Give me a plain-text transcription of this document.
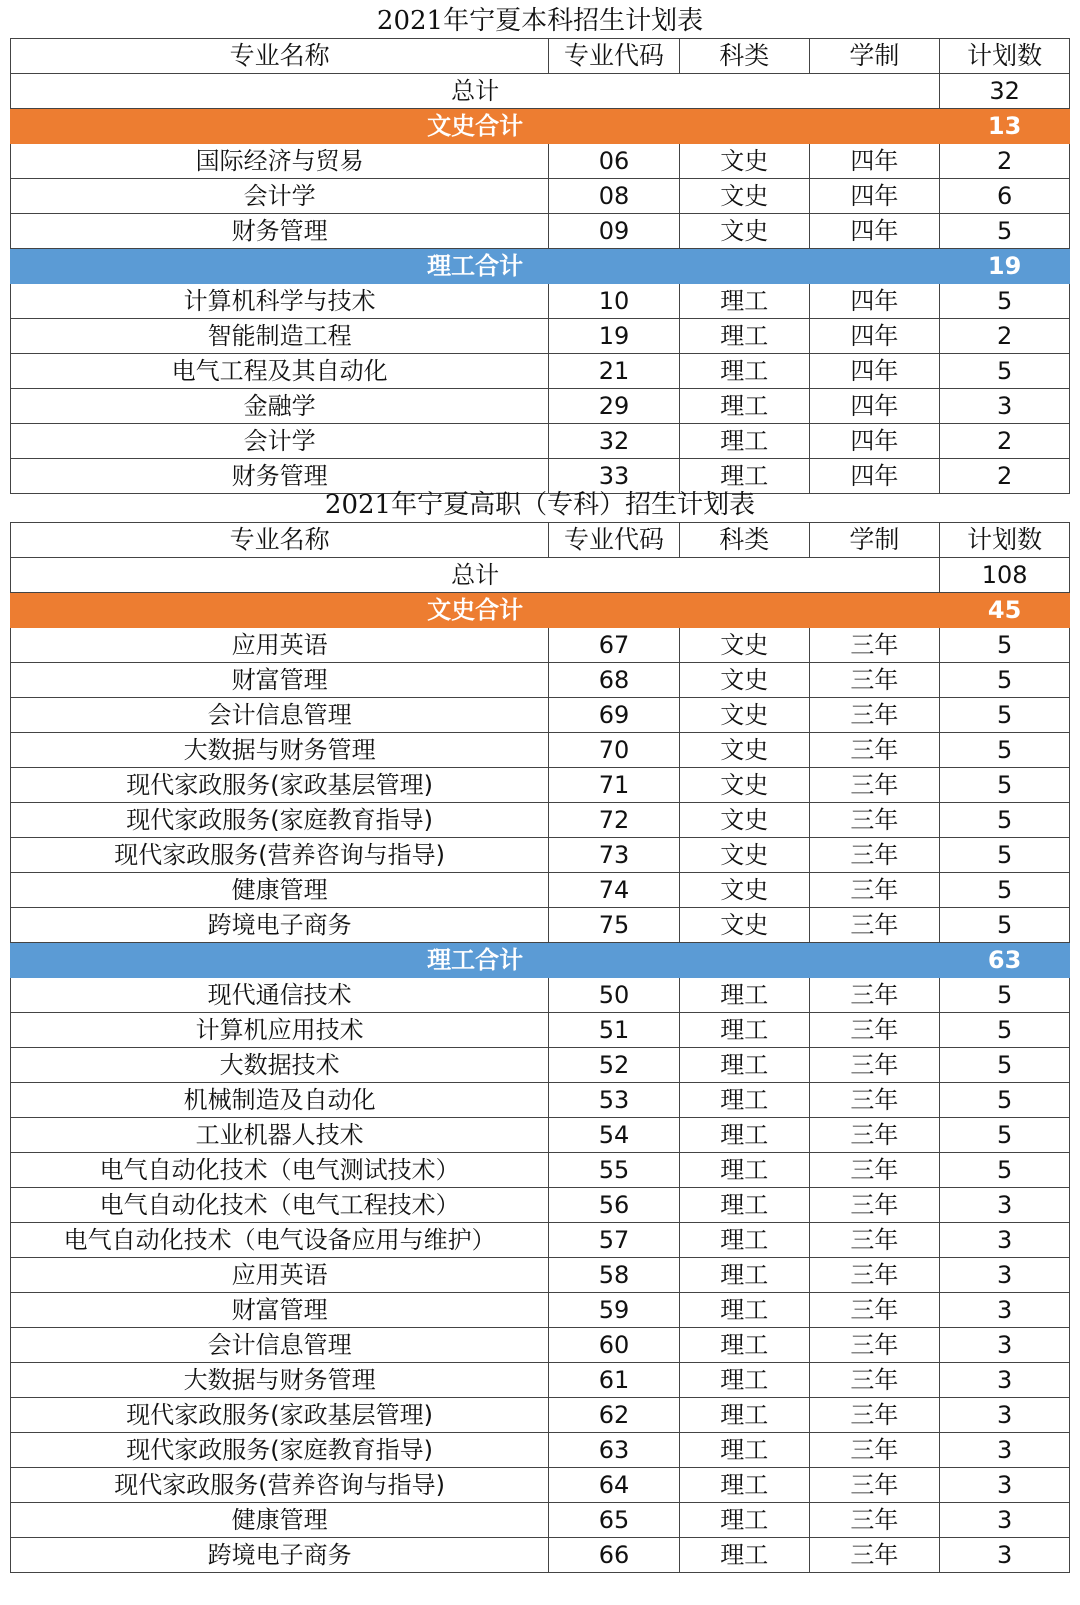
2021年宁夏本科招生计划表
专业名称	专业代码	科类	学制	计划数
总计				32
文史合计				13
国际经济与贸易	06	文史	四年	2
会计学	08	文史	四年	6
财务管理	09	文史	四年	5
理工合计				19
计算机科学与技术	10	理工	四年	5
智能制造工程	19	理工	四年	2
电气工程及其自动化	21	理工	四年	5
金融学	29	理工	四年	3
会计学	32	理工	四年	2
财务管理	33	理工	四年	2
2021年宁夏高职（专科）招生计划表
专业名称	专业代码	科类	学制	计划数
总计				108
文史合计				45
应用英语	67	文史	三年	5
财富管理	68	文史	三年	5
会计信息管理	69	文史	三年	5
大数据与财务管理	70	文史	三年	5
现代家政服务(家政基层管理)	71	文史	三年	5
现代家政服务(家庭教育指导)	72	文史	三年	5
现代家政服务(营养咨询与指导)	73	文史	三年	5
健康管理	74	文史	三年	5
跨境电子商务	75	文史	三年	5
理工合计				63
现代通信技术	50	理工	三年	5
计算机应用技术	51	理工	三年	5
大数据技术	52	理工	三年	5
机械制造及自动化	53	理工	三年	5
工业机器人技术	54	理工	三年	5
电气自动化技术（电气测试技术）	55	理工	三年	5
电气自动化技术（电气工程技术）	56	理工	三年	3
电气自动化技术（电气设备应用与维护）	57	理工	三年	3
应用英语	58	理工	三年	3
财富管理	59	理工	三年	3
会计信息管理	60	理工	三年	3
大数据与财务管理	61	理工	三年	3
现代家政服务(家政基层管理)	62	理工	三年	3
现代家政服务(家庭教育指导)	63	理工	三年	3
现代家政服务(营养咨询与指导)	64	理工	三年	3
健康管理	65	理工	三年	3
跨境电子商务	66	理工	三年	3
